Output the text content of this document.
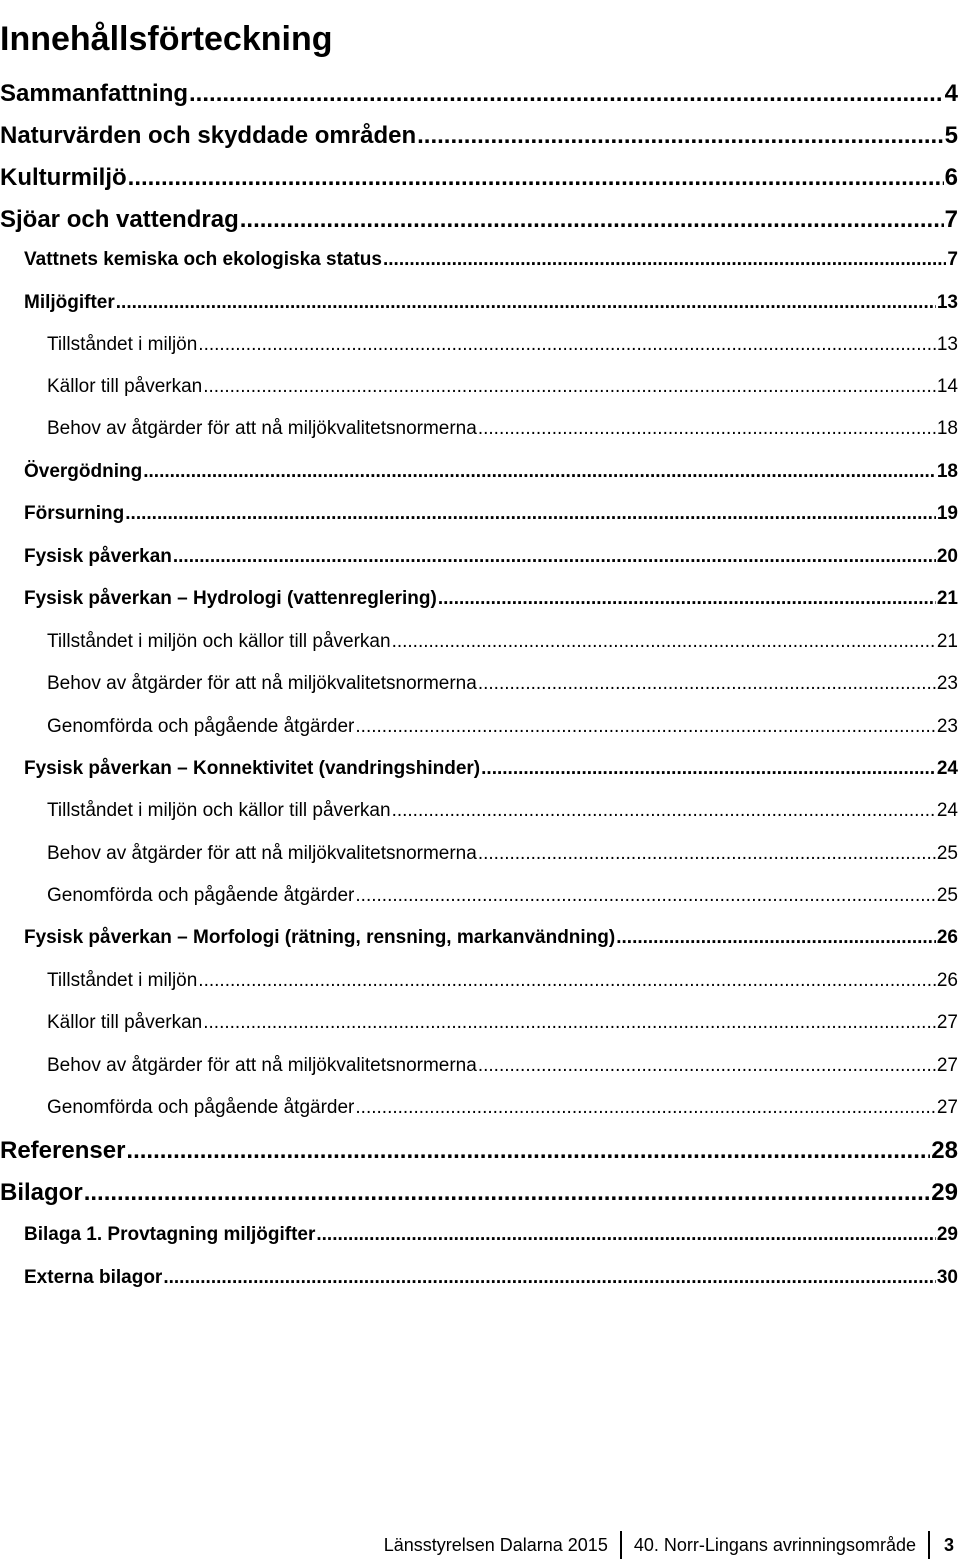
Innehållsförteckning
Sammanfattning .....	4
Naturvärden och skyddade områden .....	5
Kulturmiljö .....	6
Sjöar och vattendrag .....	7
Vattnets kemiska och ekologiska status .....	7
Miljögifter .....	13
Tillståndet i miljön .....	13
Källor till påverkan .....	14
Behov av åtgärder för att nå miljökvalitetsnormerna .....	18
Övergödning .....	18
Försurning .....	19
Fysisk påverkan .....	20
Fysisk påverkan – Hydrologi (vattenreglering) .....	21
Tillståndet i miljön och källor till påverkan .....	21
Behov av åtgärder för att nå miljökvalitetsnormerna .....	23
Genomförda och pågående åtgärder .....	23
Fysisk påverkan – Konnektivitet (vandringshinder) .....	24
Tillståndet i miljön och källor till påverkan .....	24
Behov av åtgärder för att nå miljökvalitetsnormerna .....	25
Genomförda och pågående åtgärder .....	25
Fysisk påverkan – Morfologi (rätning, rensning, markanvändning) .....	26
Tillståndet i miljön .....	26
Källor till påverkan .....	27
Behov av åtgärder för att nå miljökvalitetsnormerna .....	27
Genomförda och pågående åtgärder .....	27
Referenser .....	28
Bilagor .....	29
Bilaga 1. Provtagning miljögifter .....	29
Externa bilagor .....	30
Länsstyrelsen Dalarna 2015 40. Norr-Lingans avrinningsområde 3
